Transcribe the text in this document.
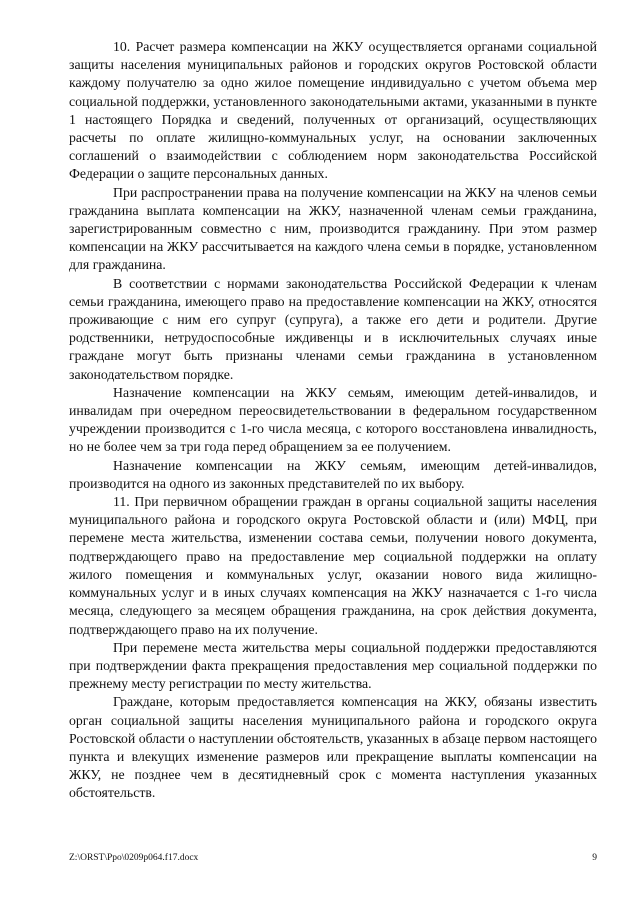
10. Расчет размера компенсации на ЖКУ осуществляется органами социальной защиты населения муниципальных районов и городских округов Ростовской области каждому получателю за одно жилое помещение индивидуально с учетом объема мер социальной поддержки, установленного законодательными актами, указанными в пункте 1 настоящего Порядка и сведений, полученных от организаций, осуществляющих расчеты по оплате жилищно-коммунальных услуг, на основании заключенных соглашений о взаимодействии с соблюдением норм законодательства Российской Федерации о защите персональных данных.

При распространении права на получение компенсации на ЖКУ на членов семьи гражданина выплата компенсации на ЖКУ, назначенной членам семьи гражданина, зарегистрированным совместно с ним, производится гражданину. При этом размер компенсации на ЖКУ рассчитывается на каждого члена семьи в порядке, установленном для гражданина.

В соответствии с нормами законодательства Российской Федерации к членам семьи гражданина, имеющего право на предоставление компенсации на ЖКУ, относятся проживающие с ним его супруг (супруга), а также его дети и родители. Другие родственники, нетрудоспособные иждивенцы и в исключительных случаях иные граждане могут быть признаны членами семьи гражданина в установленном законодательством порядке.

Назначение компенсации на ЖКУ семьям, имеющим детей-инвалидов, и инвалидам при очередном переосвидетельствовании в федеральном государственном учреждении производится с 1-го числа месяца, с которого восстановлена инвалидность, но не более чем за три года перед обращением за ее получением.

Назначение компенсации на ЖКУ семьям, имеющим детей-инвалидов, производится на одного из законных представителей по их выбору.

11. При первичном обращении граждан в органы социальной защиты населения муниципального района и городского округа Ростовской области и (или) МФЦ, при перемене места жительства, изменении состава семьи, получении нового документа, подтверждающего право на предоставление мер социальной поддержки на оплату жилого помещения и коммунальных услуг, оказании нового вида жилищно-коммунальных услуг и в иных случаях компенсация на ЖКУ назначается с 1-го числа месяца, следующего за месяцем обращения гражданина, на срок действия документа, подтверждающего право на их получение.

При перемене места жительства меры социальной поддержки предоставляются при подтверждении факта прекращения предоставления мер социальной поддержки по прежнему месту регистрации по месту жительства.

Граждане, которым предоставляется компенсация на ЖКУ, обязаны известить орган социальной защиты населения муниципального района и городского округа Ростовской области о наступлении обстоятельств, указанных в абзаце первом настоящего пункта и влекущих изменение размеров или прекращение выплаты компенсации на ЖКУ, не позднее чем в десятидневный срок с момента наступления указанных обстоятельств.

Z:\ORST\Ppo\0209p064.f17.docx	9
